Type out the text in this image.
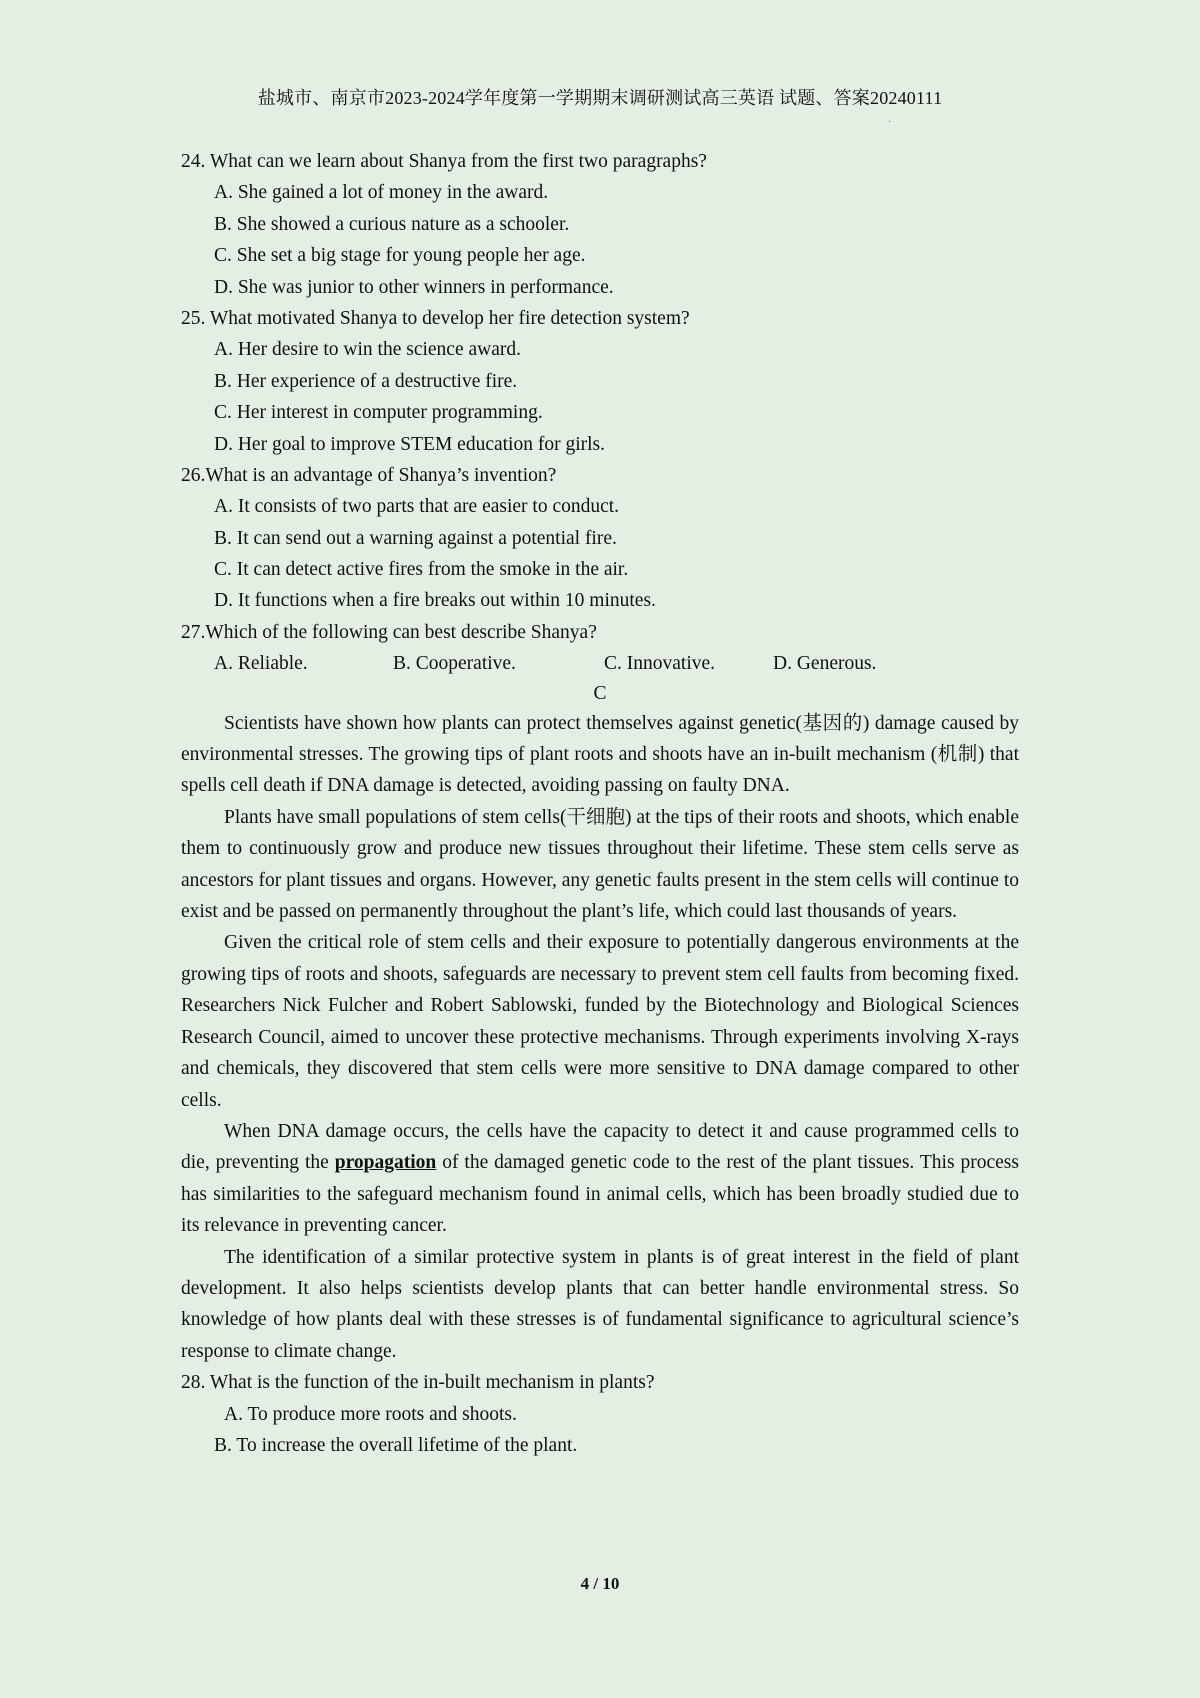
盐城市、南京市2023-2024学年度第一学期期末调研测试高三英语 试题、答案20240111
·
24. What can we learn about Shanya from the first two paragraphs?
A. She gained a lot of money in the award.
B. She showed a curious nature as a schooler.
C. She set a big stage for young people her age.
D. She was junior to other winners in performance.
25. What motivated Shanya to develop her fire detection system?
A. Her desire to win the science award.
B. Her experience of a destructive fire.
C. Her interest in computer programming.
D. Her goal to improve STEM education for girls.
26.What is an advantage of Shanya’s invention?
A. It consists of two parts that are easier to conduct.
B. It can send out a warning against a potential fire.
C. It can detect active fires from the smoke in the air.
D. It functions when a fire breaks out within 10 minutes.
27.Which of the following can best describe Shanya?
A. Reliable.	B. Cooperative.	C. Innovative.	D. Generous.
C

Scientists have shown how plants can protect themselves against genetic(基因的) damage caused by environmental stresses. The growing tips of plant roots and shoots have an in-built mechanism (机制) that spells cell death if DNA damage is detected, avoiding passing on faulty DNA.

Plants have small populations of stem cells(干细胞) at the tips of their roots and shoots, which enable them to continuously grow and produce new tissues throughout their lifetime. These stem cells serve as ancestors for plant tissues and organs. However, any genetic faults present in the stem cells will continue to exist and be passed on permanently throughout the plant’s life, which could last thousands of years.

Given the critical role of stem cells and their exposure to potentially dangerous environments at the growing tips of roots and shoots, safeguards are necessary to prevent stem cell faults from becoming fixed. Researchers Nick Fulcher and Robert Sablowski, funded by the Biotechnology and Biological Sciences Research Council, aimed to uncover these protective mechanisms. Through experiments involving X-rays and chemicals, they discovered that stem cells were more sensitive to DNA damage compared to other cells.

When DNA damage occurs, the cells have the capacity to detect it and cause programmed cells to die, preventing the propagation of the damaged genetic code to the rest of the plant tissues. This process has similarities to the safeguard mechanism found in animal cells, which has been broadly studied due to its relevance in preventing cancer.

The identification of a similar protective system in plants is of great interest in the field of plant development. It also helps scientists develop plants that can better handle environmental stress. So knowledge of how plants deal with these stresses is of fundamental significance to agricultural science’s response to climate change.

28. What is the function of the in-built mechanism in plants?
A. To produce more roots and shoots.
B. To increase the overall lifetime of the plant.
4 / 10
